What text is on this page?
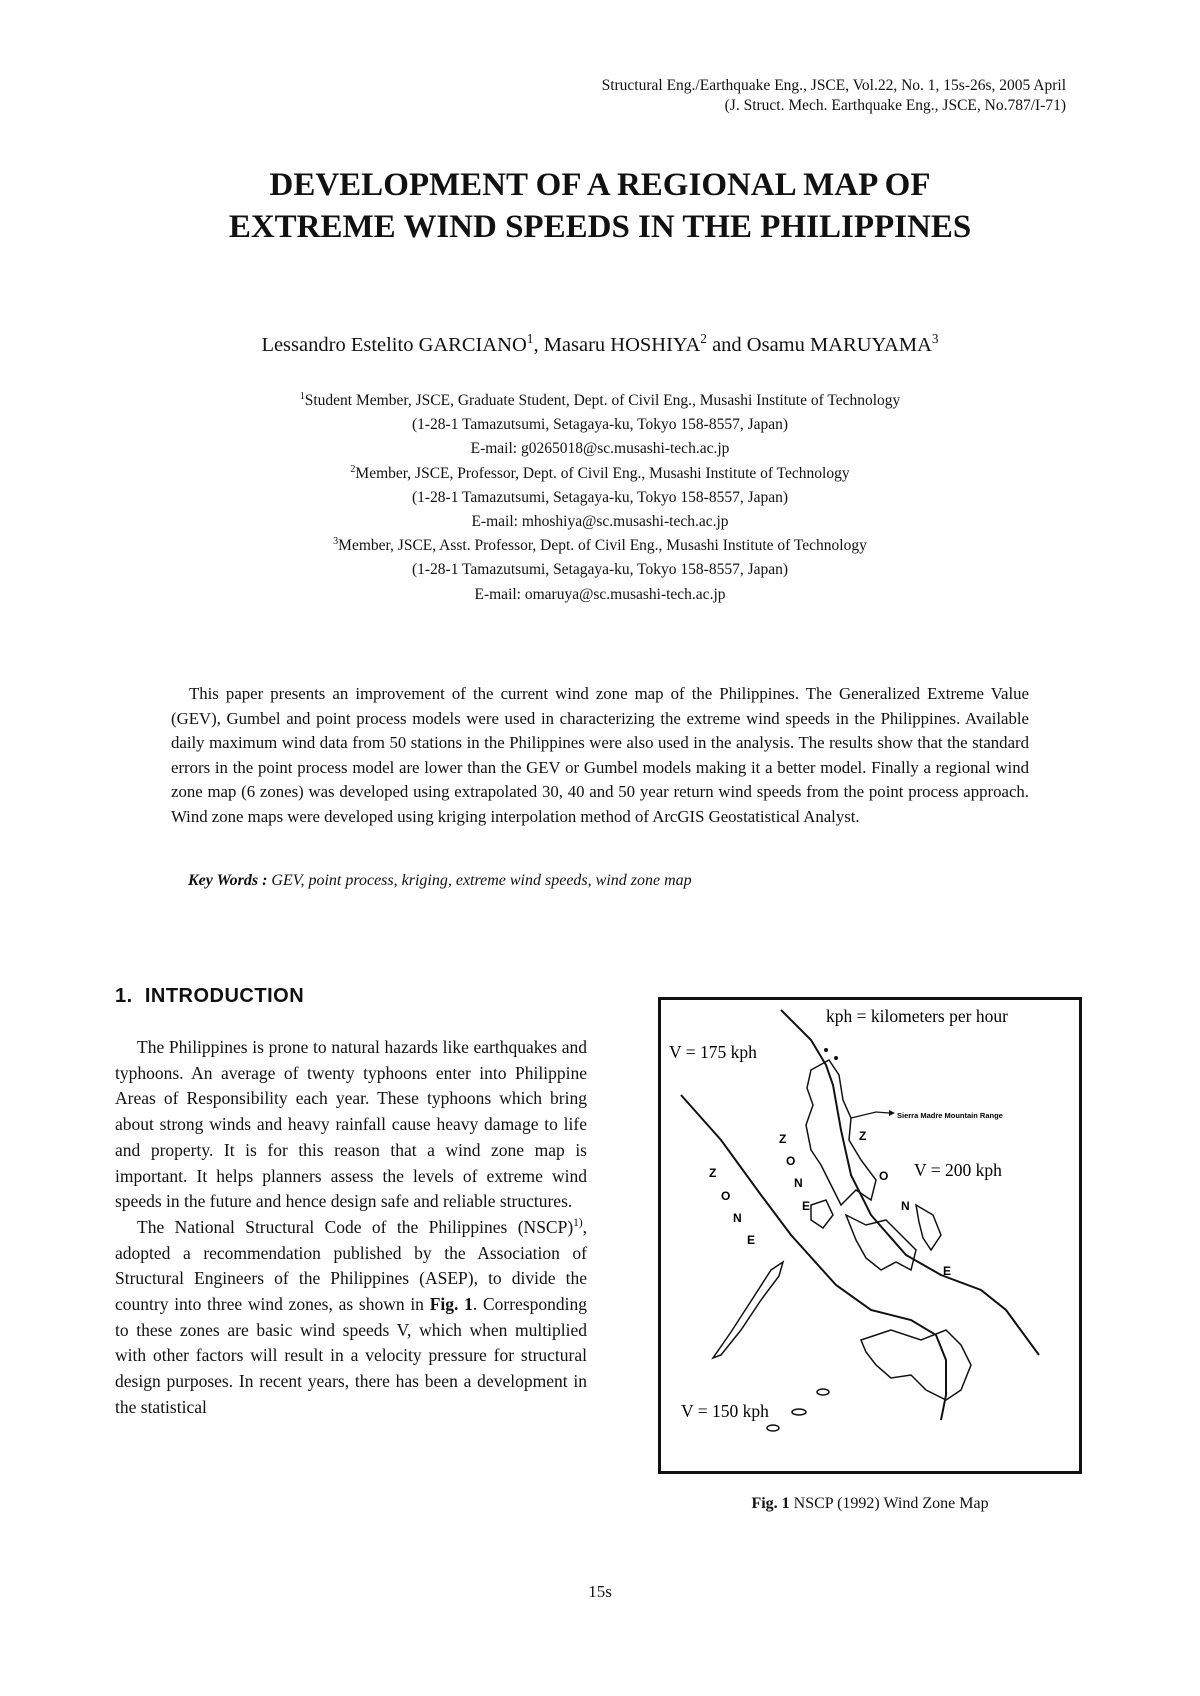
Structural Eng./Earthquake Eng., JSCE, Vol.22, No. 1, 15s-26s, 2005 April
(J. Struct. Mech. Earthquake Eng., JSCE, No.787/I-71)
DEVELOPMENT OF A REGIONAL MAP OF
EXTREME WIND SPEEDS IN THE PHILIPPINES
Lessandro Estelito GARCIANO$^1$, Masaru HOSHIYA$^2$ and Osamu MARUYAMA$^3$
$^1$Student Member, JSCE, Graduate Student, Dept. of Civil Eng., Musashi Institute of Technology
(1-28-1 Tamazutsumi, Setagaya-ku, Tokyo 158-8557, Japan)
E-mail: g0265018@sc.musashi-tech.ac.jp
$^2$Member, JSCE, Professor, Dept. of Civil Eng., Musashi Institute of Technology
(1-28-1 Tamazutsumi, Setagaya-ku, Tokyo 158-8557, Japan)
E-mail: mhoshiya@sc.musashi-tech.ac.jp
$^3$Member, JSCE, Asst. Professor, Dept. of Civil Eng., Musashi Institute of Technology
(1-28-1 Tamazutsumi, Setagaya-ku, Tokyo 158-8557, Japan)
E-mail: omaruya@sc.musashi-tech.ac.jp
This paper presents an improvement of the current wind zone map of the Philippines. The Generalized Extreme Value (GEV), Gumbel and point process models were used in characterizing the extreme wind speeds in the Philippines. Available daily maximum wind data from 50 stations in the Philippines were also used in the analysis. The results show that the standard errors in the point process model are lower than the GEV or Gumbel models making it a better model. Finally a regional wind zone map (6 zones) was developed using extrapolated 30, 40 and 50 year return wind speeds from the point process approach. Wind zone maps were developed using kriging interpolation method of ArcGIS Geostatistical Analyst.
Key Words : GEV, point process, kriging, extreme wind speeds, wind zone map
1. INTRODUCTION

The Philippines is prone to natural hazards like earthquakes and typhoons. An average of twenty typhoons enter into Philippine Areas of Responsibility each year. These typhoons which bring about strong winds and heavy rainfall cause heavy damage to life and property. It is for this reason that a wind zone map is important. It helps planners assess the levels of extreme wind speeds in the future and hence design safe and reliable structures.

The National Structural Code of the Philippines (NSCP)$^{1)}$, adopted a recommendation published by the Association of Structural Engineers of the Philippines (ASEP), to divide the country into three wind zones, as shown in Fig. 1. Corresponding to these zones are basic wind speeds V, which when multiplied with other factors will result in a velocity pressure for structural design purposes. In recent years, there has been a development in the statistical

kph = kilometers per hour
V = 175 kph
V = 200 kph
V = 150 kph
Sierra Madre Mountain Range
Z
O
N
E
Z
O
N
E
Z
O
N
E
Fig. 1 NSCP (1992) Wind Zone Map
15s
